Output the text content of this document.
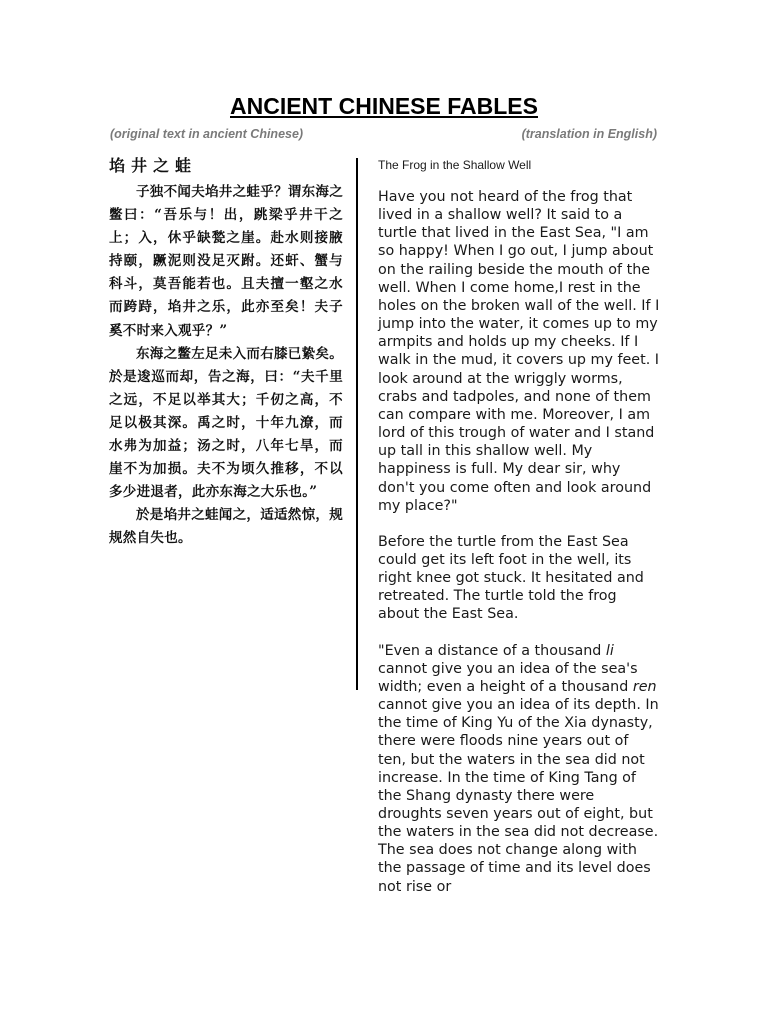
ANCIENT CHINESE FABLES
(original text in ancient Chinese)	(translation in English)

埳井之蛙

子独不闻夫埳井之蛙乎？谓东海之鳖曰：“吾乐与！出，跳梁乎井干之上；入，休乎缺甃之崖。赴水则接腋持颐，蹶泥则没足灭跗。还虷、蟹与科斗，莫吾能若也。且夫擅一壑之水而跨跱，埳井之乐，此亦至矣！夫子奚不时来入观乎？”

东海之鳖左足未入而右膝已絷矣。於是逡巡而却，告之海，曰：“夫千里之远，不足以举其大；千仞之高，不足以极其深。禹之时，十年九潦，而水弗为加益；汤之时，八年七旱，而崖不为加损。夫不为顷久推移，不以多少进退者，此亦东海之大乐也。”

於是埳井之蛙闻之，适适然惊，规规然自失也。

The Frog in the Shallow Well

Have you not heard of the frog that lived in a shallow well? It said to a turtle that lived in the East Sea, "I am so happy! When I go out, I jump about on the railing beside the mouth of the well. When I come home,I rest in the holes on the broken wall of the well. If I jump into the water, it comes up to my armpits and holds up my cheeks. If I walk in the mud, it covers up my feet. I look around at the wriggly worms, crabs and tadpoles, and none of them can compare with me. Moreover, I am lord of this trough of water and I stand up tall in this shallow well. My happiness is full. My dear sir, why don't you come often and look around my place?"

Before the turtle from the East Sea could get its left foot in the well, its right knee got stuck. It hesitated and retreated. The turtle told the frog about the East Sea.

"Even a distance of a thousand li cannot give you an idea of the sea's width; even a height of a thousand ren cannot give you an idea of its depth. In the time of King Yu of the Xia dynasty, there were floods nine years out of ten, but the waters in the sea did not increase. In the time of King Tang of the Shang dynasty there were droughts seven years out of eight, but the waters in the sea did not decrease. The sea does not change along with the passage of time and its level does not rise or
